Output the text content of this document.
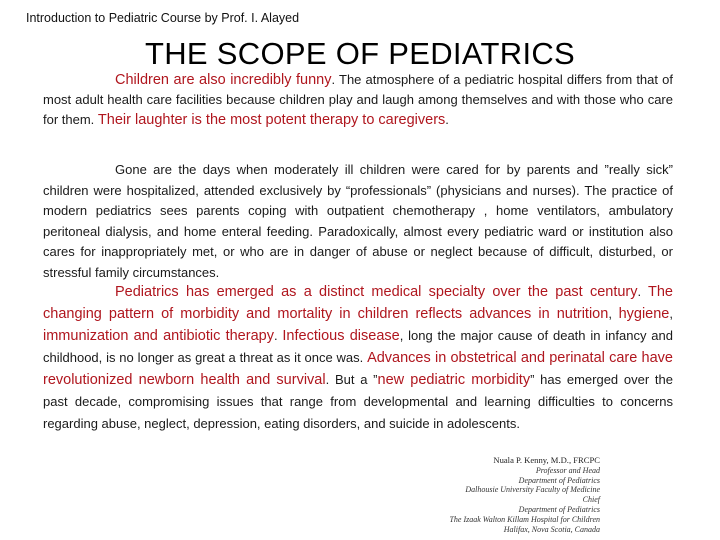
Introduction to Pediatric Course by Prof. I. Alayed
THE SCOPE OF PEDIATRICS
Children are also incredibly funny. The atmosphere of a pediatric hospital differs from that of most adult health care facilities because children play and laugh among themselves and with those who care for them. Their laughter is the most potent therapy to caregivers.
Gone are the days when moderately ill children were cared for by parents and ”really sick” children were hospitalized, attended exclusively by “professionals” (physicians and nurses). The practice of modern pediatrics sees parents coping with outpatient chemotherapy , home ventilators, ambulatory peritoneal dialysis, and home enteral feeding. Paradoxically, almost every pediatric ward or institution also cares for inappropriately met, or who are in danger of abuse or neglect because of difficult, disturbed, or stressful family circumstances.
Pediatrics has emerged as a distinct medical specialty over the past century. The changing pattern of morbidity and mortality in children reflects advances in nutrition, hygiene, immunization and antibiotic therapy. Infectious disease, long the major cause of death in infancy and childhood, is no longer as great a threat as it once was. Advances in obstetrical and perinatal care have revolutionized newborn health and survival. But a ”new pediatric morbidity” has emerged over the past decade, compromising issues that range from developmental and learning difficulties to concerns regarding abuse, neglect, depression, eating disorders, and suicide in adolescents.
Nuala P. Kenny, M.D., FRCPC
Professor and Head
Department of Pediatrics
Dalhousie University Faculty of Medicine
Chief
Department of Pediatrics
The Izaak Walton Killam Hospital for Children
Halifax, Nova Scotia, Canada
